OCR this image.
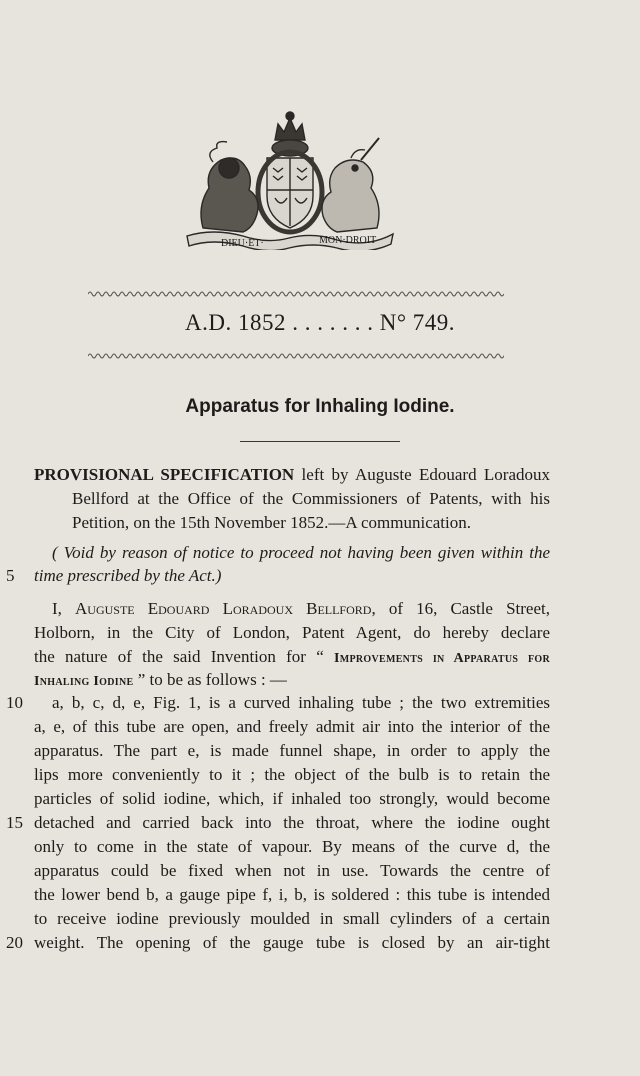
DIEU·ET·	MON·DROIT
A.D. 1852 . . . . . . . N° 749.
Apparatus for Inhaling Iodine.
PROVISIONAL SPECIFICATION left by Auguste Edouard Loradoux
Bellford at the Office of the Commissioners of Patents, with his
Petition, on the 15th November 1852.—A communication.
( Void by reason of notice to proceed not having been given within the
5	time prescribed by the Act.)
I, Auguste Edouard Loradoux Bellford, of 16, Castle Street,
Holborn, in the City of London, Patent Agent, do hereby declare
the nature of the said Invention for “ Improvements in Apparatus for
Inhaling Iodine ” to be as follows : —
10 a, b, c, d, e, Fig. 1, is a curved inhaling tube ; the two extremities
a, e, of this tube are open, and freely admit air into the interior of the
apparatus. The part e, is made funnel shape, in order to apply the
lips more conveniently to it ; the object of the bulb is to retain the
particles of solid iodine, which, if inhaled too strongly, would become
15 detached and carried back into the throat, where the iodine ought
only to come in the state of vapour. By means of the curve d, the
apparatus could be fixed when not in use. Towards the centre of
the lower bend b, a gauge pipe f, i, b, is soldered : this tube is intended
to receive iodine previously moulded in small cylinders of a certain
20 weight. The opening of the gauge tube is closed by an air-tight
